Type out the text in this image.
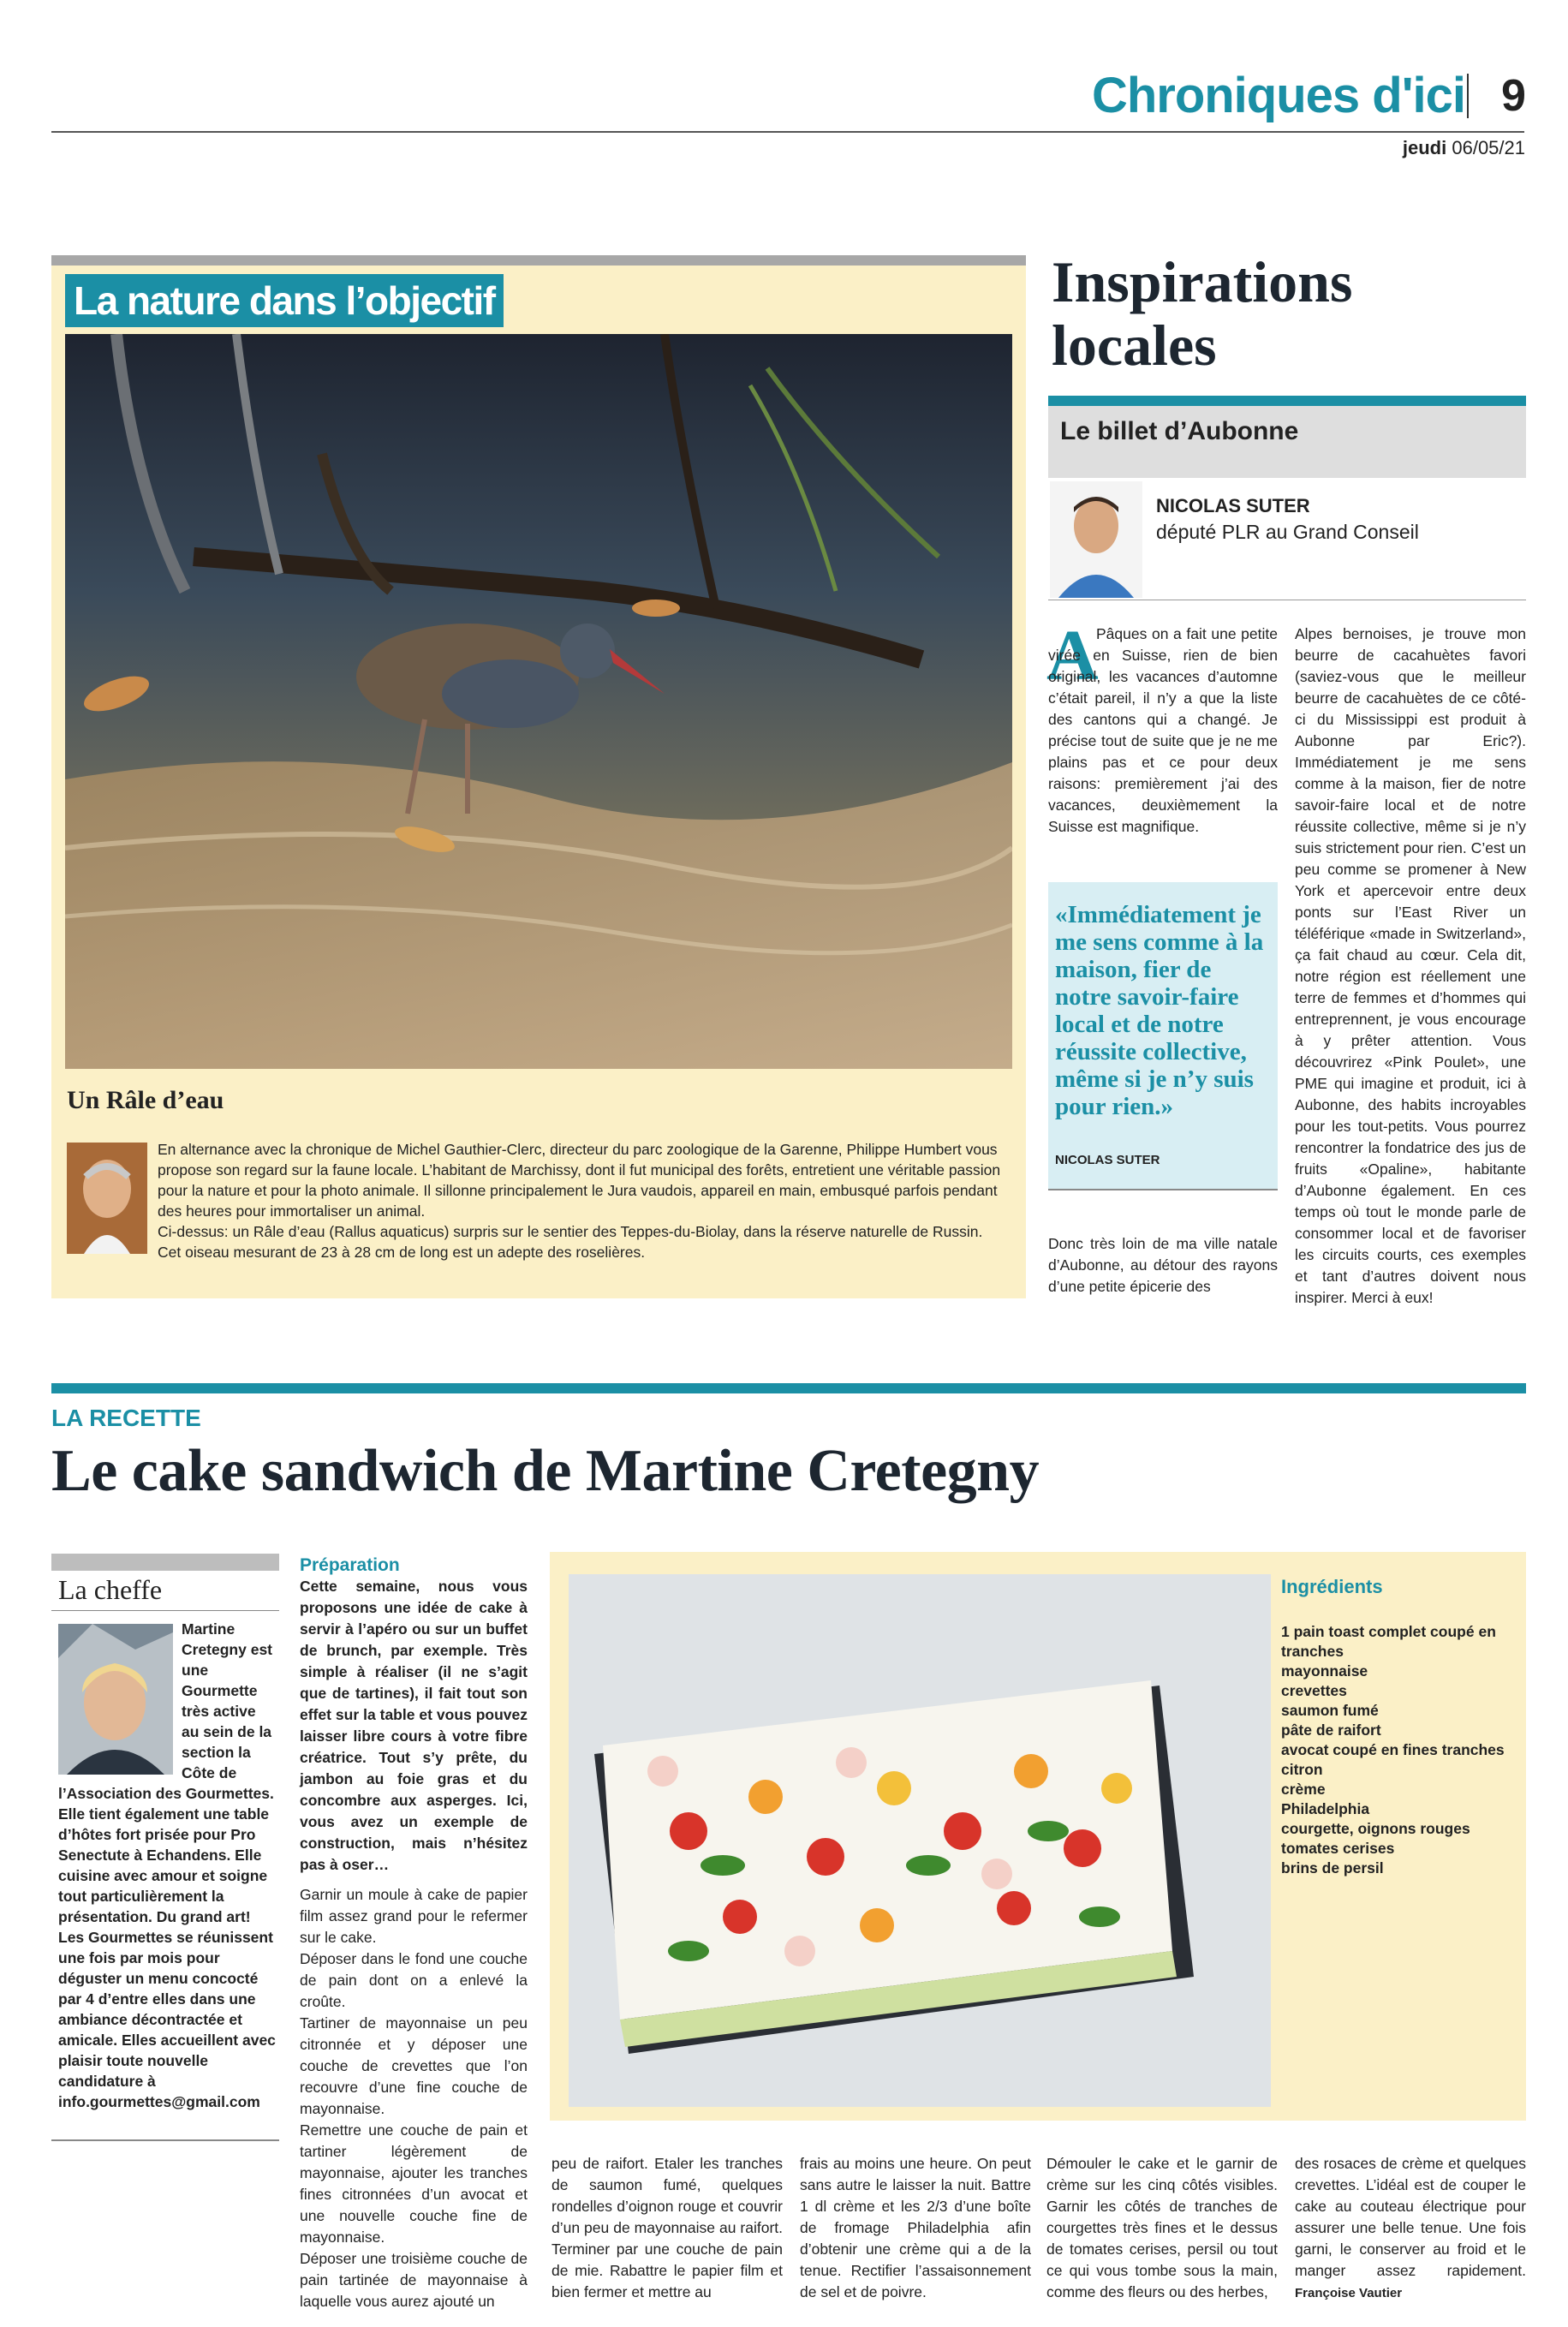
Chroniques d'ici 9
jeudi 06/05/21
La nature dans l’objectif
Un Râle d’eau

En alternance avec la chronique de Michel Gauthier-Clerc, directeur du parc zoologique de la Garenne, Philippe Humbert vous propose son regard sur la faune locale. L’habitant de Marchissy, dont il fut municipal des forêts, entretient une véritable passion pour la nature et pour la photo animale. Il sillonne principalement le Jura vaudois, appareil en main, embusqué parfois pendant des heures pour immortaliser un animal.

Ci-dessus: un Râle d’eau (Rallus aquaticus) surpris sur le sentier des Teppes-du-Biolay, dans la réserve naturelle de Russin. Cet oiseau mesurant de 23 à 28 cm de long est un adepte des roselières.

Inspirations
locales
Le billet d’Aubonne
NICOLAS SUTER
député PLR au Grand Conseil
A

Pâques on a fait une petite virée en Suisse, rien de bien original, les vacances d’automne c’était pareil, il n’y a que la liste des cantons qui a changé. Je précise tout de suite que je ne me plains pas et ce pour deux raisons: premièrement j’ai des vacances, deuxièmement la Suisse est magnifique.

«Immédiatement je me sens comme à la maison, fier de notre savoir-faire local et de notre réussite collective, même si je n’y suis pour rien.»
NICOLAS SUTER
Donc très loin de ma ville natale d’Aubonne, au détour des rayons d’une petite épicerie des
Alpes bernoises, je trouve mon beurre de cacahuètes favori (saviez-vous que le meilleur beurre de cacahuètes de ce côté-ci du Mississippi est produit à Aubonne par Eric?). Immédiatement je me sens comme à la maison, fier de notre savoir-faire local et de notre réussite collective, même si je n’y suis strictement pour rien. C’est un peu comme se promener à New York et apercevoir entre deux ponts sur l’East River un téléférique «made in Switzerland», ça fait chaud au cœur. Cela dit, notre région est réellement une terre de femmes et d’hommes qui entreprennent, je vous encourage à y prêter attention. Vous découvrirez «Pink Poulet», une PME qui imagine et produit, ici à Aubonne, des habits incroyables pour les tout-petits. Vous pourrez rencontrer la fondatrice des jus de fruits «Opaline», habitante d’Aubonne également. En ces temps où tout le monde parle de consommer local et de favoriser les circuits courts, ces exemples et tant d’autres doivent nous inspirer. Merci à eux!
LA RECETTE
Le cake sandwich de Martine Cretegny
La cheffe
Martine Cretegny est une Gourmette très active au sein de la section la Côte de l’Association des Gourmettes. Elle tient également une table d’hôtes fort prisée pour Pro Senectute à Echandens. Elle cuisine avec amour et soigne tout particulièrement la présentation. Du grand art! Les Gourmettes se réunissent une fois par mois pour déguster un menu concocté par 4 d’entre elles dans une ambiance décontractée et amicale. Elles accueillent avec plaisir toute nouvelle candidature à info.gourmettes@gmail.com
Préparation
Cette semaine, nous vous proposons une idée de cake à servir à l’apéro ou sur un buffet de brunch, par exemple. Très simple à réaliser (il ne s’agit que de tartines), il fait tout son effet sur la table et vous pouvez laisser libre cours à votre fibre créatrice. Tout s’y prête, du jambon au foie gras et du concombre aux asperges. Ici, vous avez un exemple de construction, mais n’hésitez pas à oser…

Garnir un moule à cake de papier film assez grand pour le refermer sur le cake.

Déposer dans le fond une couche de pain dont on a enlevé la croûte.

Tartiner de mayonnaise un peu citronnée et y déposer une couche de crevettes que l’on recouvre d’une fine couche de mayonnaise.

Remettre une couche de pain et tartiner légèrement de mayonnaise, ajouter les tranches fines citronnées d’un avocat et une nouvelle couche fine de mayonnaise.

Déposer une troisième couche de pain tartinée de mayonnaise à laquelle vous aurez ajouté un

Ingrédients
1 pain toast complet coupé en tranches
mayonnaise
crevettes
saumon fumé
pâte de raifort
avocat coupé en fines tranches
citron
crème
Philadelphia
courgette, oignons rouges
tomates cerises
brins de persil
peu de raifort. Etaler les tranches de saumon fumé, quelques rondelles d’oignon rouge et couvrir d’un peu de mayonnaise au raifort. Terminer par une couche de pain de mie. Rabattre le papier film et bien fermer et mettre au
frais au moins une heure. On peut sans autre le laisser la nuit. Battre 1 dl crème et les 2/3 d’une boîte de fromage Philadelphia afin d’obtenir une crème qui a de la tenue. Rectifier l’assaisonnement de sel et de poivre.
Démouler le cake et le garnir de crème sur les cinq côtés visibles. Garnir les côtés de tranches de courgettes très fines et le dessus de tomates cerises, persil ou tout ce qui vous tombe sous la main, comme des fleurs ou des herbes,
des rosaces de crème et quelques crevettes. L’idéal est de couper le cake au couteau électrique pour assurer une belle tenue. Une fois garni, le conserver au froid et le manger assez rapidement. Françoise Vautier
